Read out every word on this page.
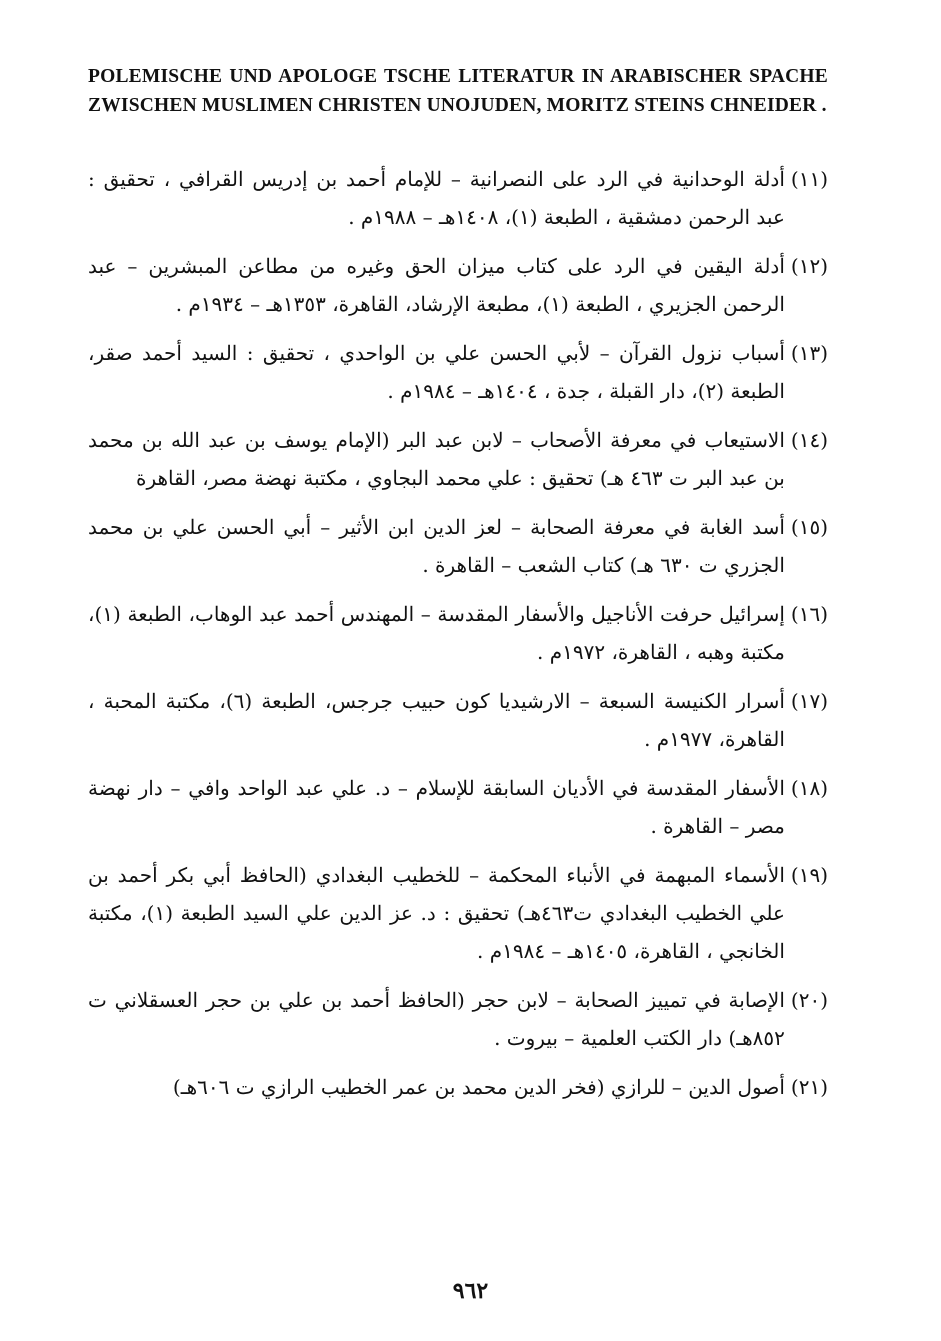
POLEMISCHE UND APOLOGE TSCHE LITERATUR IN ARABISCHER SPACHE ZWISCHEN MUSLIMEN CHRISTEN UNOJUDEN, MORITZ STEINS CHNEIDER .
(١١)
أدلة الوحدانية في الرد على النصرانية – للإمام أحمد بن إدريس القرافي ، تحقيق : عبد الرحمن دمشقية ، الطبعة (١)، ١٤٠٨هـ – ١٩٨٨م .
(١٢)
أدلة اليقين في الرد على كتاب ميزان الحق وغيره من مطاعن المبشرين – عبد الرحمن الجزيري ، الطبعة (١)، مطبعة الإرشاد، القاهرة، ١٣٥٣هـ – ١٩٣٤م .
(١٣)
أسباب نزول القرآن – لأبي الحسن علي بن الواحدي ، تحقيق : السيد أحمد صقر، الطبعة (٢)، دار القبلة ، جدة ، ١٤٠٤هـ – ١٩٨٤م .
(١٤)
الاستيعاب في معرفة الأصحاب – لابن عبد البر (الإمام يوسف بن عبد الله بن محمد بن عبد البر ت ٤٦٣ هـ) تحقيق : علي محمد البجاوي ، مكتبة نهضة مصر، القاهرة
(١٥)
أسد الغابة في معرفة الصحابة – لعز الدين ابن الأثير – أبي الحسن علي بن محمد الجزري ت ٦٣٠ هـ) كتاب الشعب – القاهرة .
(١٦)
إسرائيل حرفت الأناجيل والأسفار المقدسة – المهندس أحمد عبد الوهاب، الطبعة (١)، مكتبة وهبه ، القاهرة، ١٩٧٢م .
(١٧)
أسرار الكنيسة السبعة – الارشيديا كون حبيب جرجس، الطبعة (٦)، مكتبة المحبة ، القاهرة، ١٩٧٧م .
(١٨)
الأسفار المقدسة في الأديان السابقة للإسلام – د. علي عبد الواحد وافي – دار نهضة مصر – القاهرة .
(١٩)
الأسماء المبهمة في الأنباء المحكمة – للخطيب البغدادي (الحافظ أبي بكر أحمد بن علي الخطيب البغدادي ت٤٦٣هـ) تحقيق : د. عز الدين علي السيد الطبعة (١)، مكتبة الخانجي ، القاهرة، ١٤٠٥هـ – ١٩٨٤م .
(٢٠)
الإصابة في تمييز الصحابة – لابن حجر (الحافظ أحمد بن علي بن حجر العسقلاني ت ٨٥٢هـ) دار الكتب العلمية – بيروت .
(٢١)
أصول الدين – للرازي (فخر الدين محمد بن عمر الخطيب الرازي ت ٦٠٦هـ)
٩٦٢
